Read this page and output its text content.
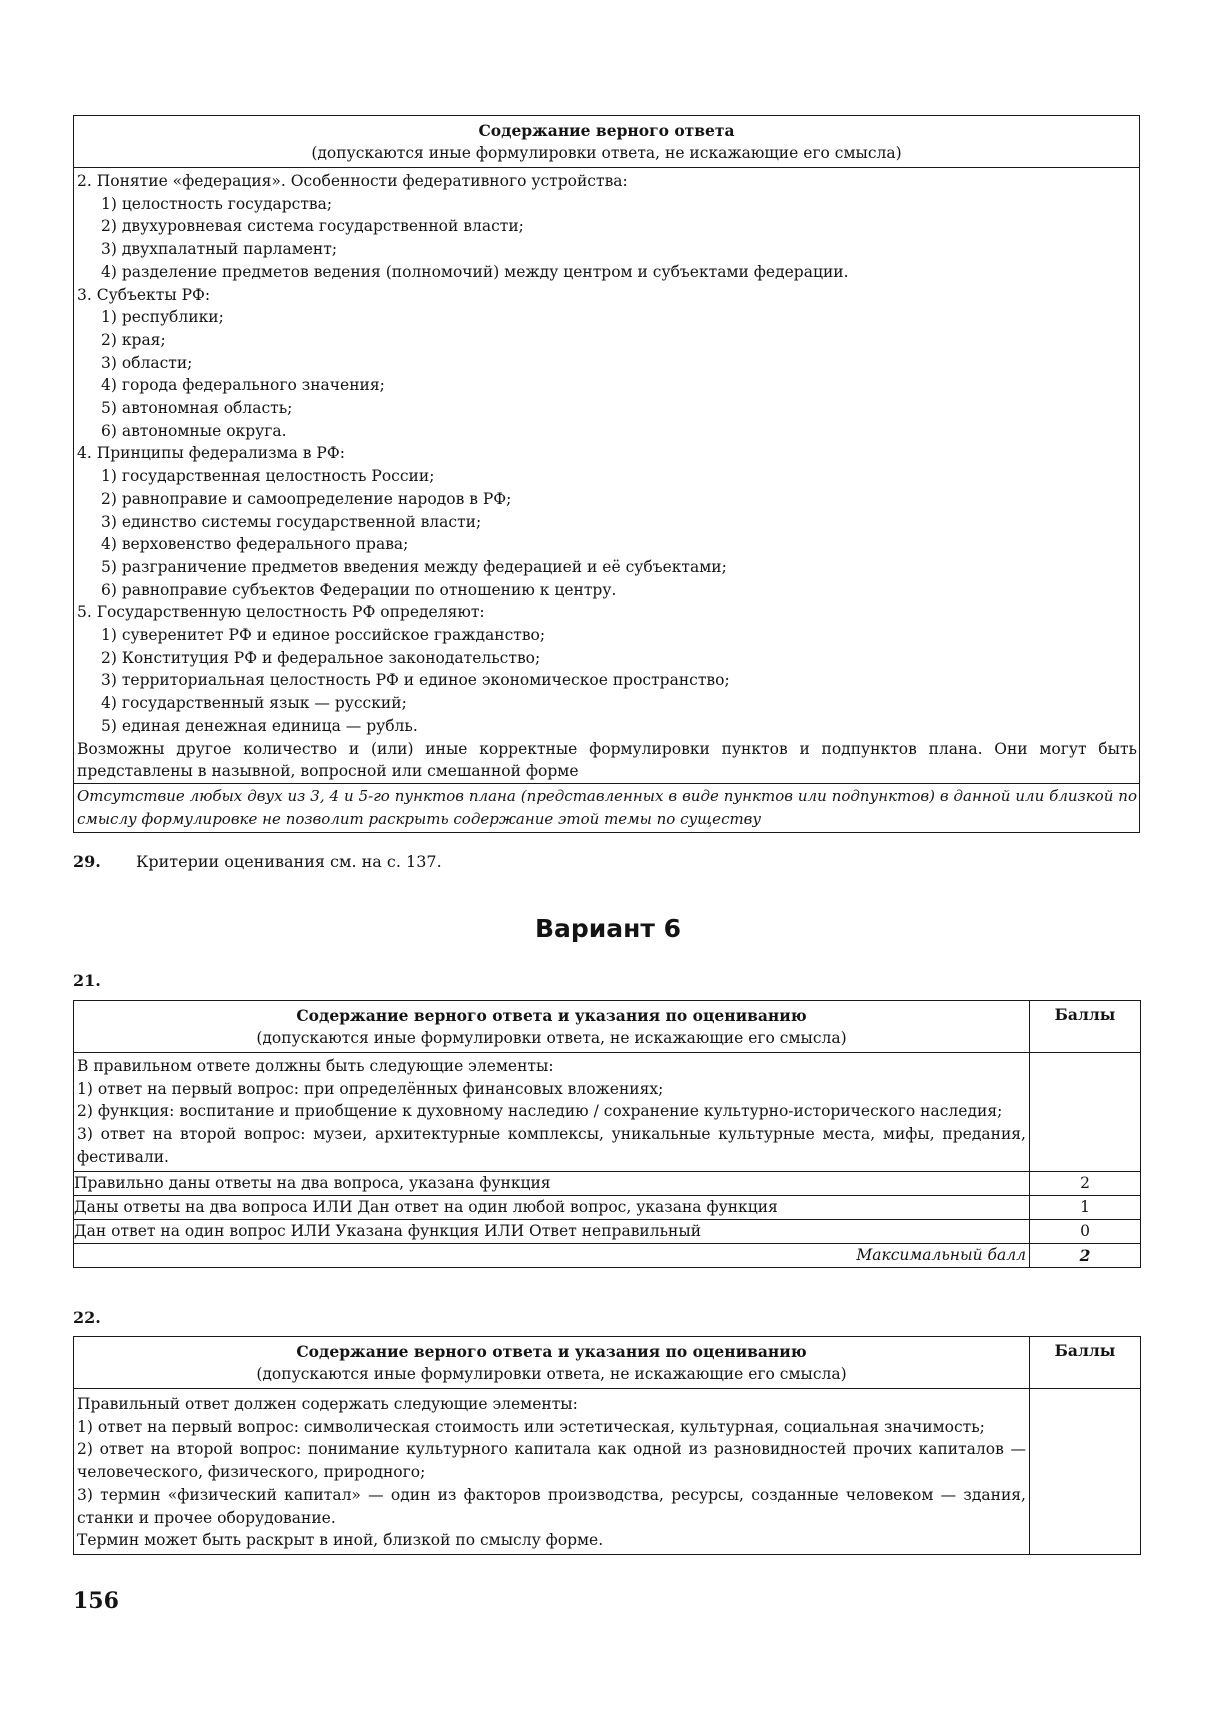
Содержание верного ответа
(допускаются иные формулировки ответа, не искажающие его смысла)

2. Понятие «федерация». Особенности федеративного устройства:
1) целостность государства;
2) двухуровневая система государственной власти;
3) двухпалатный парламент;
4) разделение предметов ведения (полномочий) между центром и субъектами федерации.
3. Субъекты РФ:
1) республики;
2) края;
3) области;
4) города федерального значения;
5) автономная область;
6) автономные округа.
4. Принципы федерализма в РФ:
1) государственная целостность России;
2) равноправие и самоопределение народов в РФ;
3) единство системы государственной власти;
4) верховенство федерального права;
5) разграничение предметов введения между федерацией и её субъектами;
6) равноправие субъектов Федерации по отношению к центру.
5. Государственную целостность РФ определяют:
1) суверенитет РФ и единое российское гражданство;
2) Конституция РФ и федеральное законодательство;
3) территориальная целостность РФ и единое экономическое пространство;
4) государственный язык — русский;
5) единая денежная единица — рубль.
Возможны другое количество и (или) иные корректные формулировки пунктов и подпунктов плана. Они могут быть представлены в назывной, вопросной или смешанной форме

Отсутствие любых двух из 3, 4 и 5-го пунктов плана (представленных в виде пунктов или подпунктов) в данной или близкой по смыслу формулировке не позволит раскрыть содержание этой темы по существу
29. Критерии оценивания см. на с. 137.
Вариант 6
21.
Содержание верного ответа и указания по оцениванию
(допускаются иные формулировки ответа, не искажающие его смысла)	Баллы

В правильном ответе должны быть следующие элементы:
1) ответ на первый вопрос: при определённых финансовых вложениях;
2) функция: воспитание и приобщение к духовному наследию / сохранение культурно-исторического наследия;
3) ответ на второй вопрос: музеи, архитектурные комплексы, уникальные культурные места, мифы, предания, фестивали.	

Правильно даны ответы на два вопроса, указана функция	2
Даны ответы на два вопроса ИЛИ Дан ответ на один любой вопрос, указана функция	1
Дан ответ на один вопрос ИЛИ Указана функция ИЛИ Ответ неправильный	0
Максимальный балл	2
22.
Содержание верного ответа и указания по оцениванию
(допускаются иные формулировки ответа, не искажающие его смысла)	Баллы

Правильный ответ должен содержать следующие элементы:
1) ответ на первый вопрос: символическая стоимость или эстетическая, культурная, социальная значимость;
2) ответ на второй вопрос: понимание культурного капитала как одной из разновидностей прочих капиталов — человеческого, физического, природного;
3) термин «физический капитал» — один из факторов производства, ресурсы, созданные человеком — здания, станки и прочее оборудование.
Термин может быть раскрыт в иной, близкой по смыслу форме.	

156
